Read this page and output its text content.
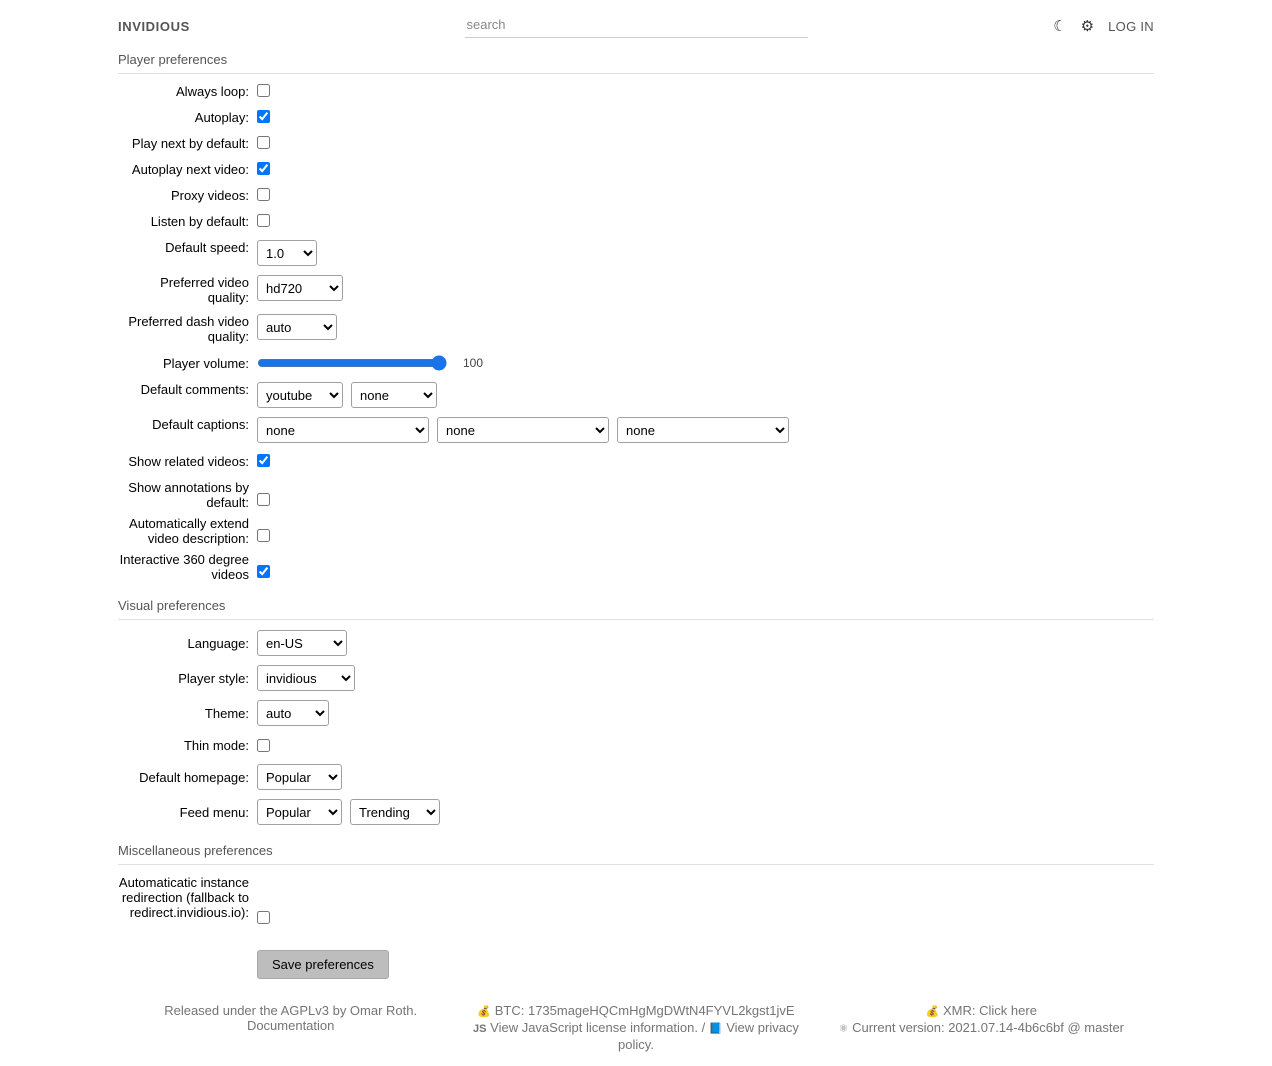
INVIDIOUS
search	☾ ⚙ LOG IN
Player preferences
Always loop:
Autoplay:
Play next by default:
Autoplay next video:
Proxy videos:
Listen by default:
Default speed:
1.0
Preferred video quality:
hd720
Preferred dash video quality:
auto
Player volume:	100
Default comments:
youtube
none
Default captions:
none
none
none
Show related videos:
Show annotations by default:
Automatically extend video description:
Interactive 360 degree videos
Visual preferences
Language:
en-US
Player style:
invidious
Theme:
auto
Thin mode:
Default homepage:
Popular
Feed menu:
Popular
Trending
Miscellaneous preferences
Automaticatic instance redirection (fallback to redirect.invidious.io):
Save preferences
Released under the AGPLv3 by Omar Roth.
Documentation
💰 BTC: 1735mageHQCmHgMgDWtN4FYVL2kgst1jvE
JS View JavaScript license information. / 📘 View privacy policy.
💰 XMR: Click here
⚛ Current version: 2021.07.14-4b6c6bf @ master
